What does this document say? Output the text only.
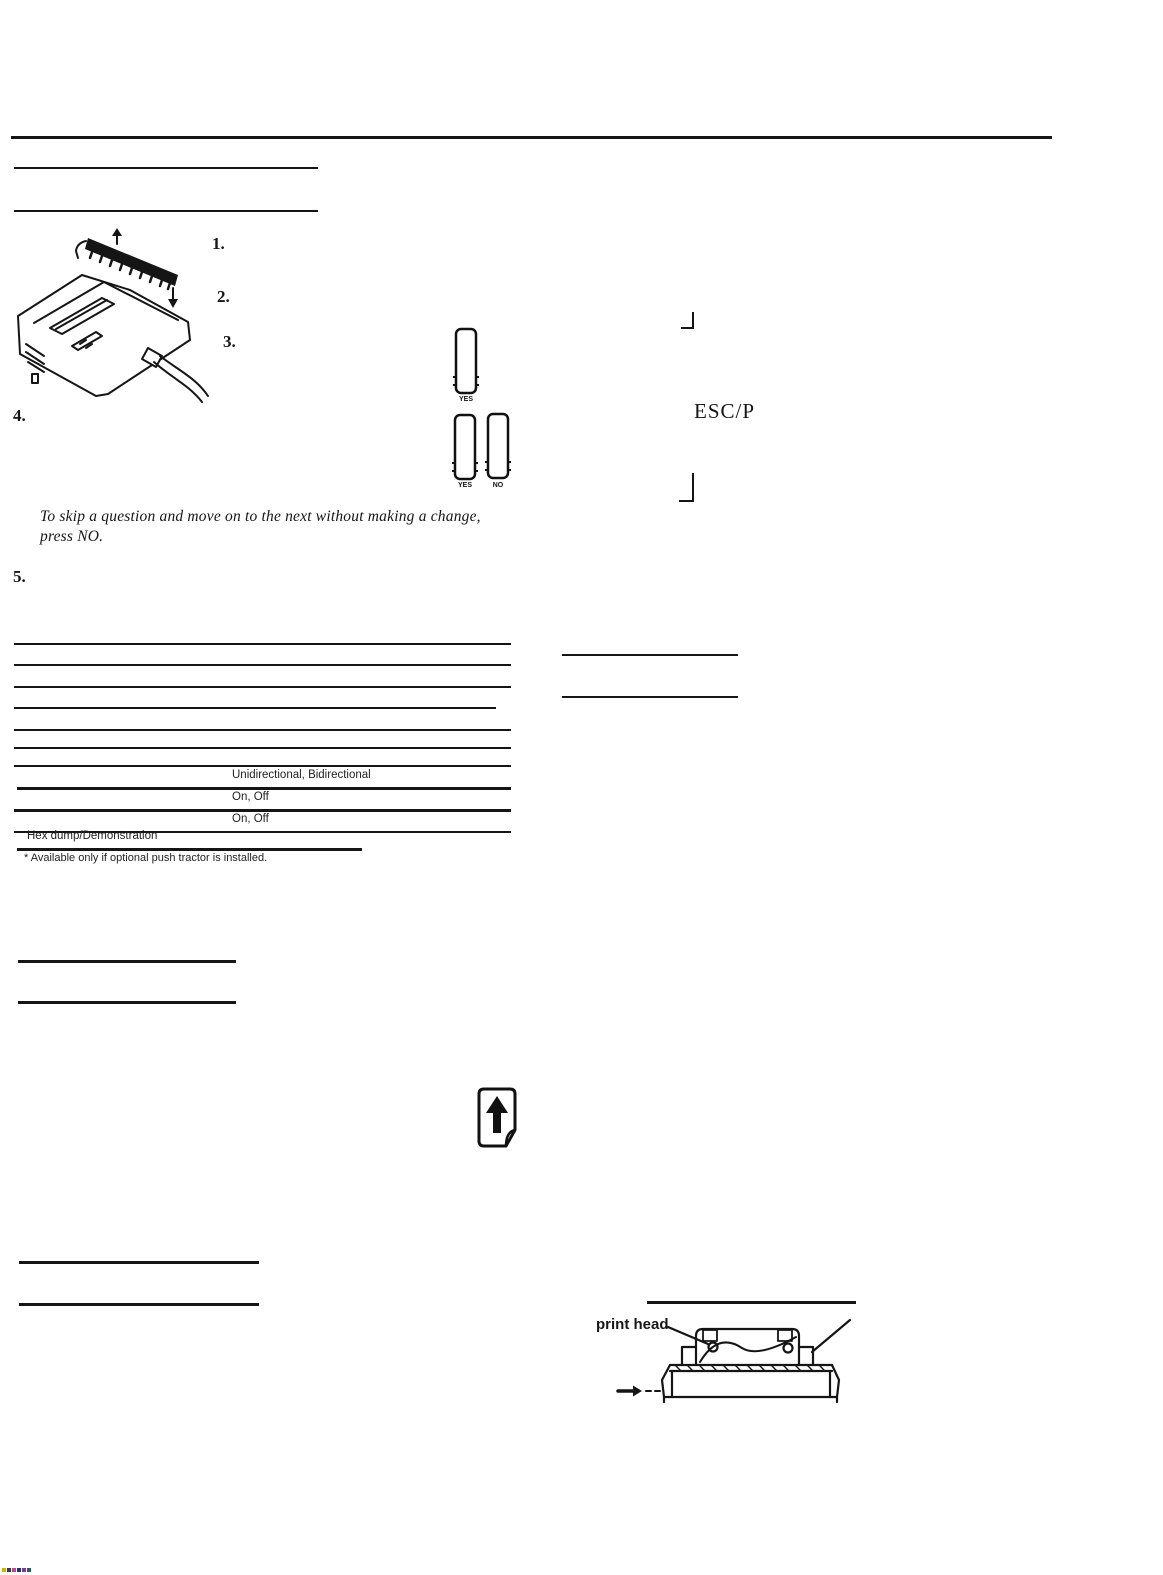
1.
2.
3.
4.
5.
YES
YES	NO
ESC/P
To skip a question and move on to the next without making a change,
press NO.
Unidirectional, Bidirectional
On, Off
On, Off
Hex dump/Demonstration
* Available only if optional push tractor is installed.
print head
